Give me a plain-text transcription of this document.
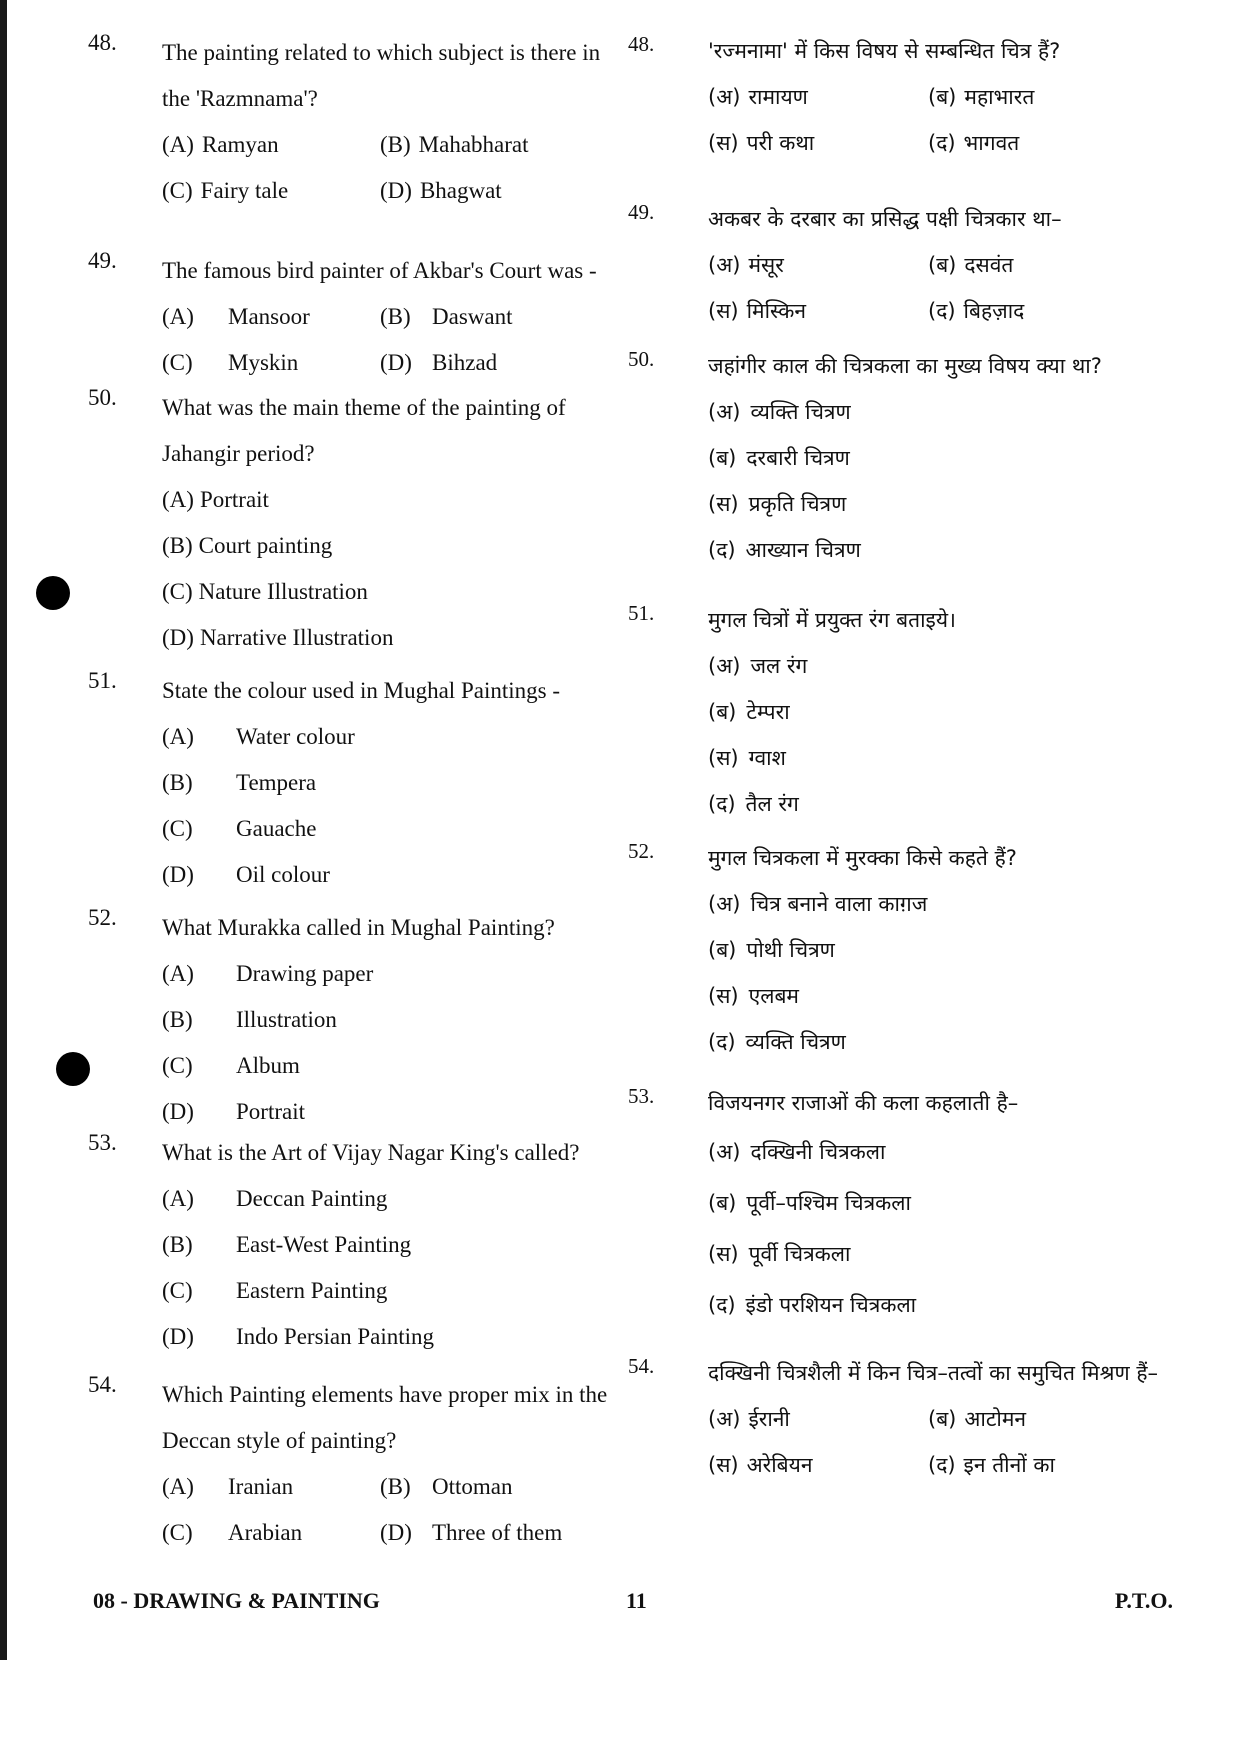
48. The painting related to which subject is there in the 'Razmnama'?
(A) Ramyan	(B) Mahabharat
(C) Fairy tale	(D) Bhagwat
49. The famous bird painter of Akbar's Court was -
(A)	Mansoor	(B) Daswant
(C)	Myskin	(D) Bihzad
50. What was the main theme of the painting of Jahangir period?
(A) Portrait
(B) Court painting
(C) Nature Illustration
(D) Narrative Illustration
51. State the colour used in Mughal Paintings -
(A)	Water colour
(B)	Tempera
(C)	Gauache
(D)	Oil colour
52. What Murakka called in Mughal Painting?
(A)	Drawing paper
(B)	Illustration
(C)	Album
(D)	Portrait
53. What is the Art of Vijay Nagar King's called?
(A)	Deccan Painting
(B)	East-West Painting
(C)	Eastern Painting
(D)	Indo Persian Painting
54. Which Painting elements have proper mix in the Deccan style of painting?
(A)	Iranian	(B) Ottoman
(C)	Arabian	(D) Three of them
48.	'रज्मनामा' में किस विषय से सम्बन्धित चित्र हैं?
(अ) रामायण	(ब) महाभारत
(स) परी कथा	(द) भागवत
49.	अकबर के दरबार का प्रसिद्ध पक्षी चित्रकार था–
(अ) मंसूर	(ब) दसवंत
(स) मिस्किन	(द) बिहज़ाद
50.	जहांगीर काल की चित्रकला का मुख्य विषय क्या था?
(अ) व्यक्ति चित्रण
(ब) दरबारी चित्रण
(स) प्रकृति चित्रण
(द) आख्यान चित्रण
51.	मुगल चित्रों में प्रयुक्त रंग बताइये।
(अ) जल रंग
(ब) टेम्परा
(स) ग्वाश
(द) तैल रंग
52.	मुगल चित्रकला में मुरक्का किसे कहते हैं?
(अ) चित्र बनाने वाला काग़ज
(ब) पोथी चित्रण
(स) एलबम
(द) व्यक्ति चित्रण
53.	विजयनगर राजाओं की कला कहलाती है–
(अ) दक्खिनी चित्रकला
(ब) पूर्वी–पश्चिम चित्रकला
(स) पूर्वी चित्रकला
(द) इंडो परशियन चित्रकला
54.	दक्खिनी चित्रशैली में किन चित्र–तत्वों का समुचित मिश्रण हैं–
(अ) ईरानी	(ब) आटोमन
(स) अरेबियन	(द) इन तीनों का
08 - DRAWING & PAINTING	11	P.T.O.
